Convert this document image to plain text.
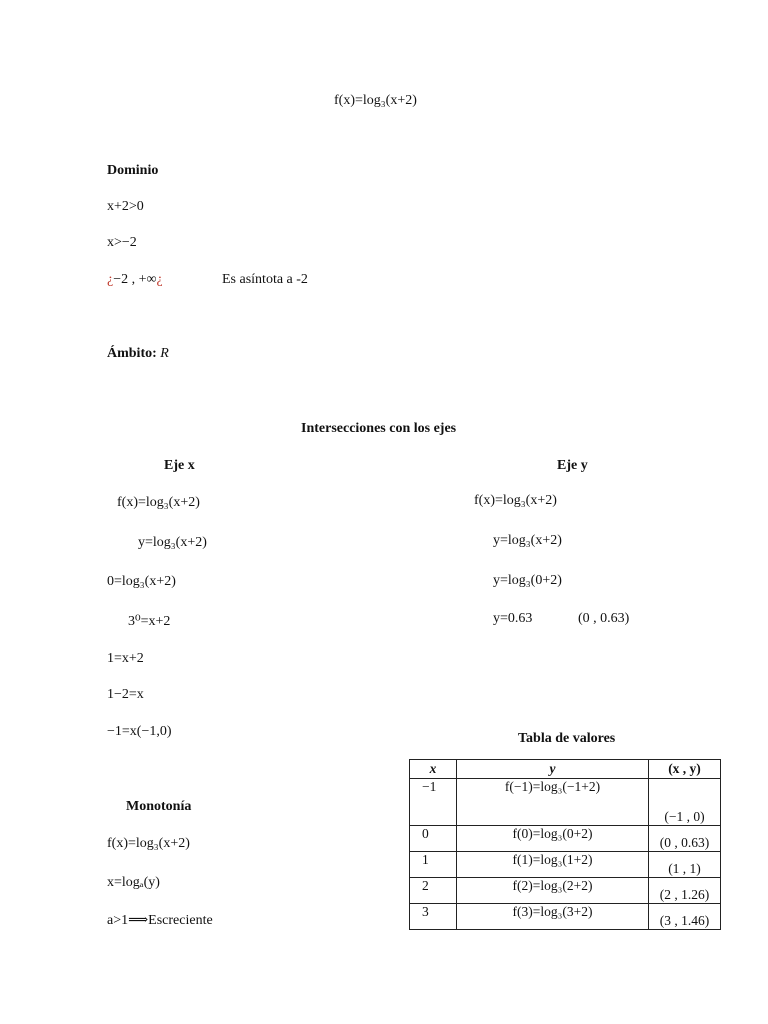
f(x)=log₃(x+2)
Dominio
x+2>0
x>−2
¿−2 , +∞¿	Es asíntota a -2
Ámbito: R
Intersecciones con los ejes
Eje x
f(x)=log₃(x+2)
y=log₃(x+2)
0=log₃(x+2)
3⁰=x+2
1=x+2
1−2=x
−1=x(−1,0)
Eje y
f(x)=log₃(x+2)
y=log₃(x+2)
y=log₃(0+2)
y=0.63	(0 , 0.63)
Monotonía
f(x)=log₃(x+2)
x=logₐ(y)
a>1⟹Escreciente
Tabla de valores
x	y	(x , y)
−1	f(−1)=log₃(−1+2)	(−1 , 0)
0	f(0)=log₃(0+2)	(0 , 0.63)
1	f(1)=log₃(1+2)	(1 , 1)
2	f(2)=log₃(2+2)	(2 , 1.26)
3	f(3)=log₃(3+2)	(3 , 1.46)
